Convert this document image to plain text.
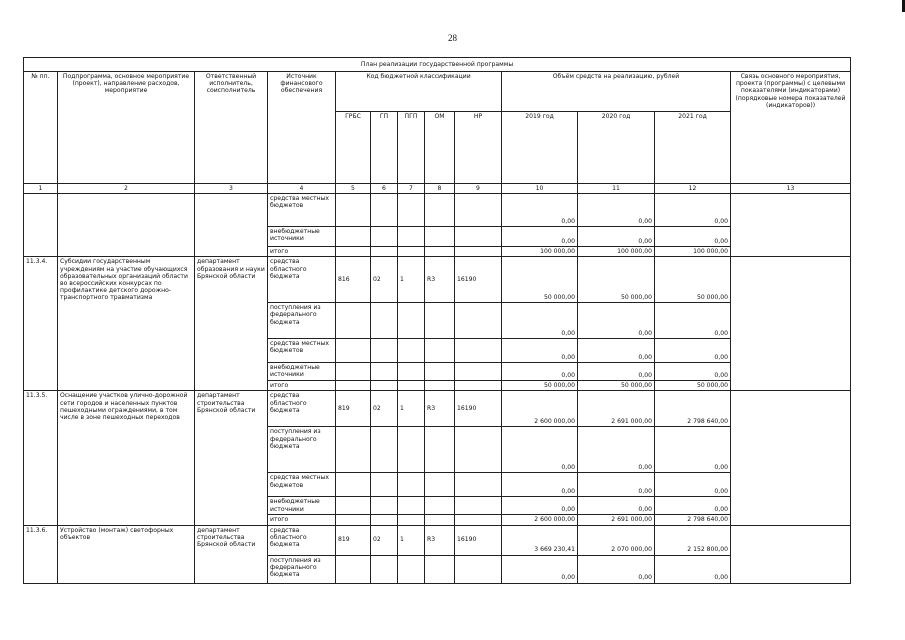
28
План реализации государственной программы												
№ пп.	Подпрограмма, основное мероприятие (проект), направление расходов, мероприятие	Ответственный исполнитель, соисполнитель	Источник финансового обеспечения	Код бюджетной классификации					Объём средств на реализацию, рублей			Связь основного мероприятия, проекта (программы) с целевыми показателями (индикаторами) (порядковые номера показателей (индикаторов))
				ГРБС	ГП	ПГП	ОМ	НР	2019 год	2020 год	2021 год	
1	2	3	4	5	6	7	8	9	10	11	12	13
			средства местных бюджетов						0,00	0,00	0,00	
			внебюджетные источники						0,00	0,00	0,00	
			итого						100 000,00	100 000,00	100 000,00	
11.3.4.	Субсидии государственным учреждениям на участие обучающихся образовательных организаций области во всероссийских конкурсах по профилактике детского дорожно-транспортного травматизма	департамент образования и науки Брянской области	средства областного бюджета	816	02	1	R3	16190	50 000,00	50 000,00	50 000,00	
			поступления из федерального бюджета						0,00	0,00	0,00	
			средства местных бюджетов						0,00	0,00	0,00	
			внебюджетные источники						0,00	0,00	0,00	
			итого						50 000,00	50 000,00	50 000,00	
11.3.5.	Оснащение участков улично-дорожной сети городов и населенных пунктов пешеходными ограждениями, в том числе в зоне пешеходных переходов	департамент строительства Брянской области	средства областного бюджета	819	02	1	R3	16190	2 600 000,00	2 691 000,00	2 798 640,00	
			поступления из федерального бюджета						0,00	0,00	0,00	
			средства местных бюджетов						0,00	0,00	0,00	
			внебюджетные источники						0,00	0,00	0,00	
			итого						2 600 000,00	2 691 000,00	2 798 640,00	
11.3.6.	Устройство (монтаж) светофорных объектов	департамент строительства Брянской области	средства областного бюджета	819	02	1	R3	16190	3 669 230,41	2 070 000,00	2 152 800,00	
			поступления из федерального бюджета						0,00	0,00	0,00	
